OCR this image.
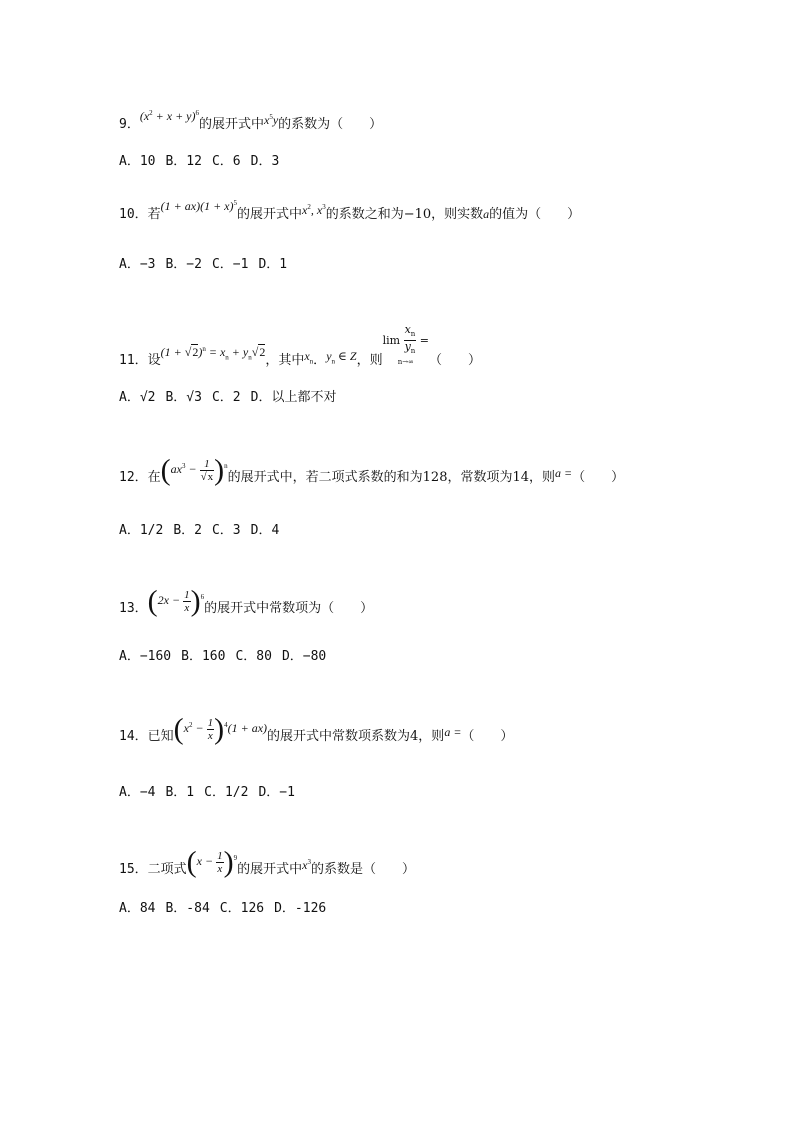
9．$(x^2 + x + y)^6$的展开式中$x^5y$的系数为（　　）
A．10 B．12 C．6 D．3
10．若$(1 + ax)(1 + x)^5$的展开式中$x^2$, $x^3$的系数之和为−10，则实数a的值为（　　）
A．−3 B．−2 C．−1 D．1
11．设$(1 + √2)^n = x_n + y_n√2$，其中$x_n$．$y_n$ ∈ Z，则$\lim \frac{x_n}{y_n}$ =
n→∞	（　　）
A．√2 B．√3 C．2 D．以上都不对
12．在$(ax^3 - \frac{1}{√x} )^n$的展开式中，若二项式系数的和为128，常数项为14，则a =（　　）
A．1/2 B．2 C．3 D．4
13．$(2x - \frac{1}{x} )^6$的展开式中常数项为（　　）
A．−160 B．160 C．80 D．−80
14．已知$(x^2 - \frac{1}{x} )^4(1 + ax)$的展开式中常数项系数为4，则a =（　　）
A．−4 B．1 C．1/2 D．−1
15．二项式$(x - \frac{1}{x} )^9$的展开式中$x^3$的系数是（　　）
A．84 B．-84 C．126 D．-126
